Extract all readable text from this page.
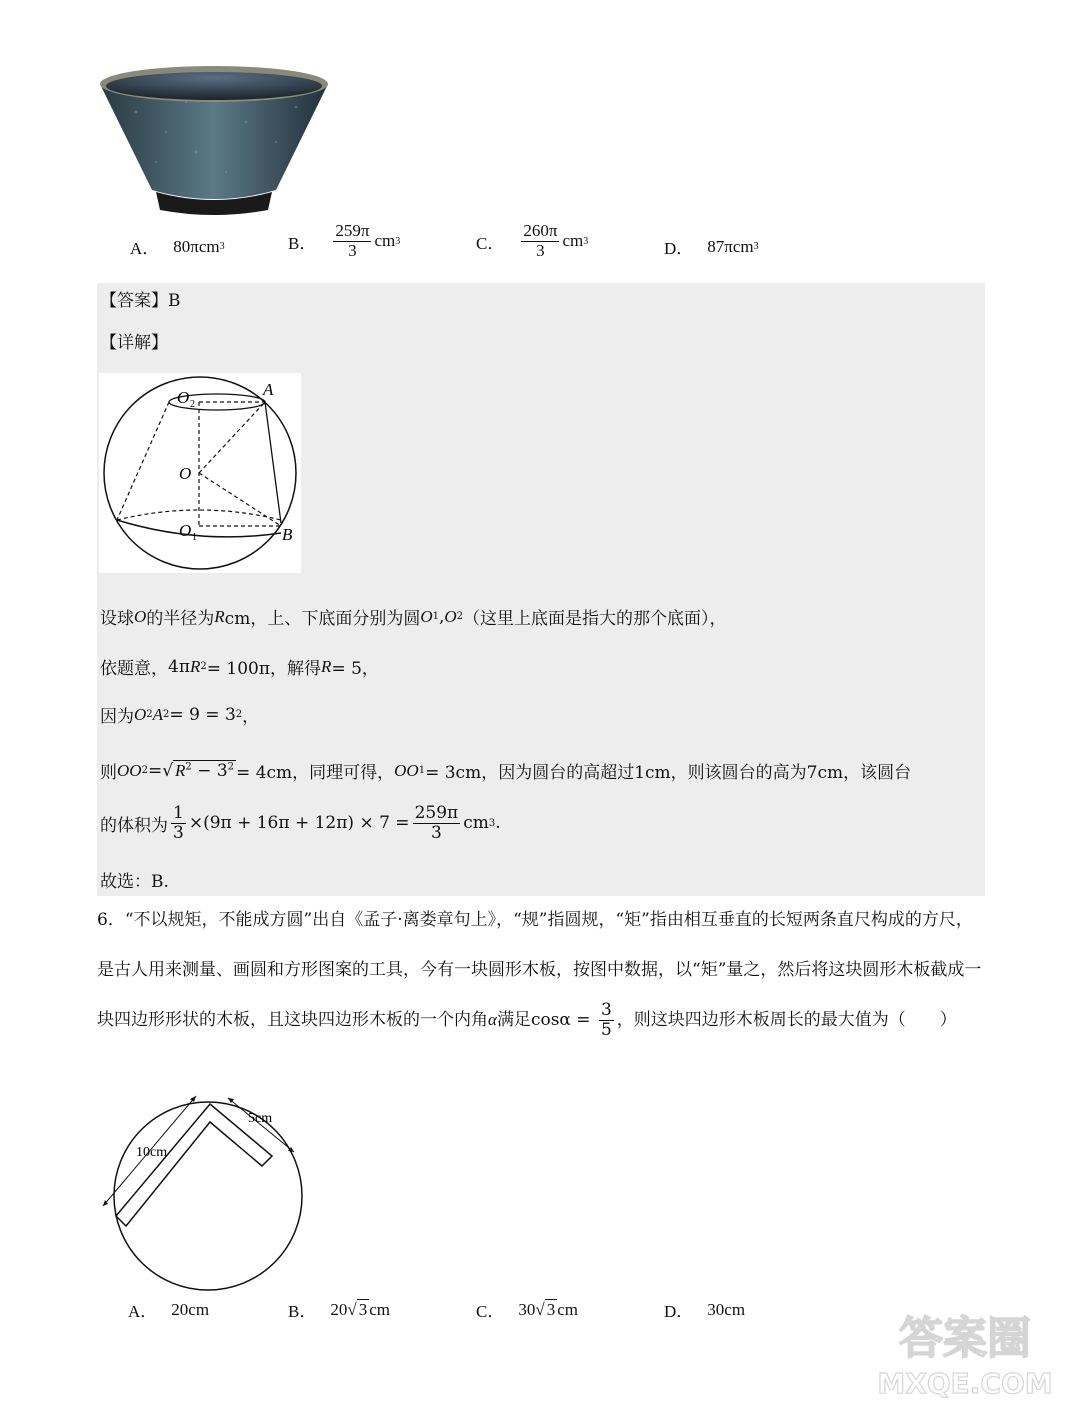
A． 80πcm 3	B． $\frac{259\pi}{3}$ cm 3	C． $\frac{260\pi}{3}$ cm 3	D． 87πcm 3
【答案】B
【详解】
O 2
A
O
O 1	B
设球 O 的半径为 R cm，上、下底面分别为圆 O 1 , O 2 （这里上底面是指大的那个底面），
依题意， 4π R 2 = 100π，解得 R = 5，
因为 O 2 A 2 = 9 = 3 2 ，
则 OO 2 = √ $R^2 - 3^2 = 4cm$，同理可得， OO 1 = 3cm，因为圆台的高超过1cm，则该圆台的高为7cm，该圆台
的体积为 $\frac{1}{3} \times(9\pi + 16\pi + 12\pi) \times 7 = \frac{259\pi}{3}$ cm 3 .
故选：B.
6．“不以规矩，不能成方圆”出自《孟子·离娄章句上》，“规”指圆规，“矩”指由相互垂直的长短两条直尺构成的方尺，是古人用来测量、画圆和方形图案的工具，今有一块圆形木板，按图中数据，以“矩”量之，然后将这块圆形木板截成一块四边形形状的木板，且这块四边形木板的一个内角α满足$\cos\alpha = \frac{3}{5}$ ，则这块四边形木板周长的最大值为（　　）
10cm
5cm
A． 20cm	B． 20 √ 3 cm	C． 30 √ 3 cm	D． 30cm
答案圈
MXQE.COM
